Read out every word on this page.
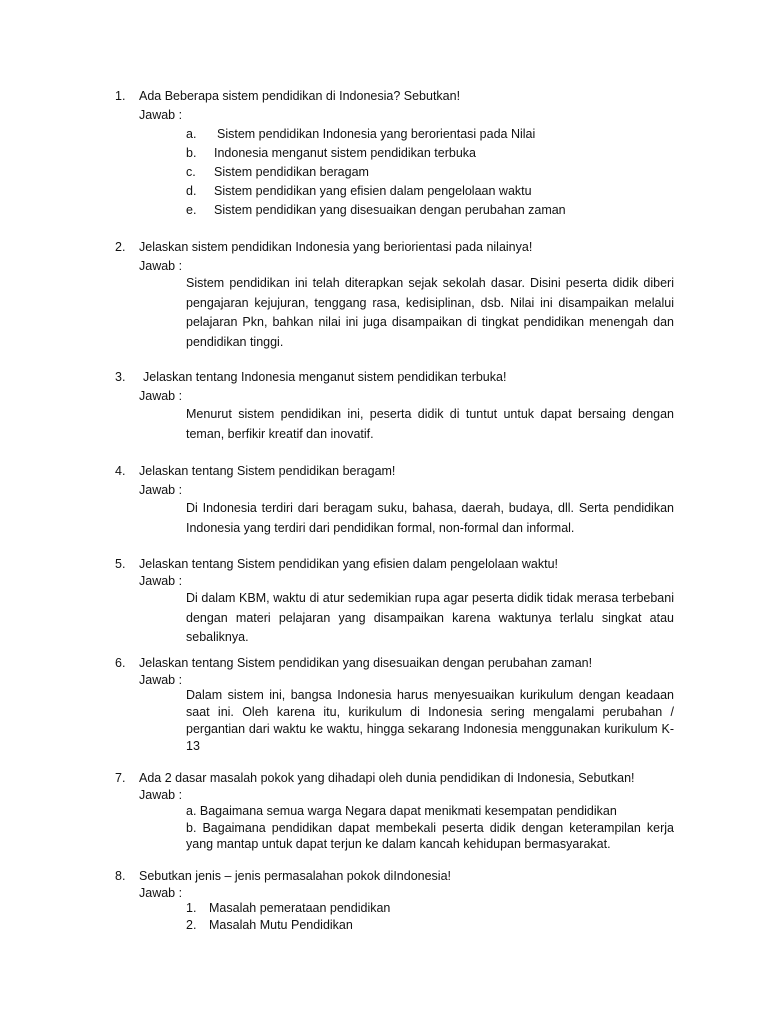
1. Ada Beberapa sistem pendidikan di Indonesia? Sebutkan!
Jawab :
a. Sistem pendidikan Indonesia yang berorientasi pada Nilai
b. Indonesia menganut sistem pendidikan terbuka
c. Sistem pendidikan beragam
d. Sistem pendidikan yang efisien dalam pengelolaan waktu
e. Sistem pendidikan yang disesuaikan dengan perubahan zaman
2. Jelaskan sistem pendidikan Indonesia yang beriorientasi pada nilainya!
Jawab :

Sistem pendidikan ini telah diterapkan sejak sekolah dasar. Disini peserta didik diberi pengajaran kejujuran, tenggang rasa, kedisiplinan, dsb. Nilai ini disampaikan melalui pelajaran Pkn, bahkan nilai ini juga disampaikan di tingkat pendidikan menengah dan pendidikan tinggi.

3. Jelaskan tentang Indonesia menganut sistem pendidikan terbuka!
Jawab :

Menurut sistem pendidikan ini, peserta didik di tuntut untuk dapat bersaing dengan teman, berfikir kreatif dan inovatif.

4. Jelaskan tentang Sistem pendidikan beragam!
Jawab :

Di Indonesia terdiri dari beragam suku, bahasa, daerah, budaya, dll. Serta pendidikan Indonesia yang terdiri dari pendidikan formal, non-formal dan informal.

5. Jelaskan tentang Sistem pendidikan yang efisien dalam pengelolaan waktu!
Jawab :

Di dalam KBM, waktu di atur sedemikian rupa agar peserta didik tidak merasa terbebani dengan materi pelajaran yang disampaikan karena waktunya terlalu singkat atau sebaliknya.

6. Jelaskan tentang Sistem pendidikan yang disesuaikan dengan perubahan zaman!
Jawab :

Dalam sistem ini, bangsa Indonesia harus menyesuaikan kurikulum dengan keadaan saat ini. Oleh karena itu, kurikulum di Indonesia sering mengalami perubahan / pergantian dari waktu ke waktu, hingga sekarang Indonesia menggunakan kurikulum K-13

7. Ada 2 dasar masalah pokok yang dihadapi oleh dunia pendidikan di Indonesia, Sebutkan!
Jawab :

a. Bagaimana semua warga Negara dapat menikmati kesempatan pendidikan

b. Bagaimana pendidikan dapat membekali peserta didik dengan keterampilan kerja yang mantap untuk dapat terjun ke dalam kancah kehidupan bermasyarakat.

8. Sebutkan jenis – jenis permasalahan pokok diIndonesia!
Jawab :
1. Masalah pemerataan pendidikan
2. Masalah Mutu Pendidikan
